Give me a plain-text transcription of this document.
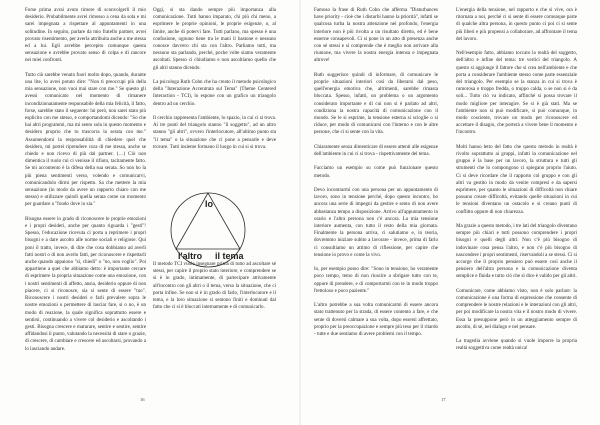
Forse prima avrai avuto timore di sconvolgerli il mio desiderio. Probabilmente avrei rimosso a cena da sola e mi sarei impegnata a rispettare al appuntamenti in una solitudine. In seguito, parlare da mio fratello partner, avrei provato risentimento, per averla attribuita anche a me stessa ed a lui. Egli avrebbe percepito comunque questa sensazione e avrebbe provato senso di colpa e di rancore nei miei confronti.

Tutto ciò sarebbe venuto fuori molto dopo, quando, durante una lite, lo avrei potuto dire: "Non ti preoccupi più della mia sensazione, non vuoi mai stare con me." Se questo gli avessi comunicato nel momento di rimanere incondizionatamente responsabile della mia felicità, il fatto, forse, sarebbe stato il seguente: lui però, non sarei stato più esplicito con me stesso, e comportandomi dicendo: "So che hai altri programmi, ma mi sento sola in questo momento e desidero proprio che tu trascorra la serata con me." Assumendomi la responsabilità di chiedere quel che desidero, mi potrei riprendere cura di me stessa, anche se chiedo e non ricevo di più dal partner. (…) Ciò non dimentica il ruolo cui ci venisse il rifiuto, tacitamente fatto. Se mi accontento è la difesa della sua serata. So non ho la più piena sentimenti verso, volendo e comunicarvi, comunicandolo dirmi per rispetto. Sa che mettere la mia sensazione (in modo da avere un rapporto chiaro con me stesso) e utilizzare quindi quella serata come un momento per guardare a "fondo dove io sia."

Bisogna essere in grado di riconoscere le proprie emozioni e i propri desideri, anche per quanto riguarda i "gesti"! Spesso, l'educazione ricevuta ci porta a reprimere i propri bisogni e a dare ascolto alle norme sociali e religiose. Qui poni il tratto, invece, di dire che cosa dobbiamo ad averli fatti nostri o di non averlo fatti, per riconoscere e rispettarli anche quando appaiono "si, chiedi" o "no, non voglio". Poi appartiene a quel che abbiamo detto: è importante cercare di esprimere la propria situazione come una emozione, con i nostri sentimenti di affetto, ansia, desiderio oppure di non piacere, ci si riconosce, sia si sente di essere "tuo". Riconoscere i nostri desideri e farli prevalere sopra le nostre emozioni o permettere di lasciar fare, si o no, è un modo di reazione, la quale significa soprattutto essere e sentirsi, continuando a vivere col desiderio e ascoltando i gesti. Bisogna crescere e maturare, sentire e sentire, sentire affidandosi il punto, valutando la necessità di stare o grazie, di crescere, di cambiare e crescere ed ascoltarsi, provando a lo lasciando andare.

Oggi, si sta dando sempre più importanza alla comunicazione. Tutti hanno imparato, chi più chi meno, a esprimere le proprie opinioni, le proprie esigenze, o, al limite, anche di potervi fare. Tutti parlano, ma spesso è una confusione, ognuno tiene tra le mani il bastone e nessuno conosce davvero chi sta con l'altro. Parliamo tutti, ma nessuno sta parlando, perché, poche volte siamo veramente ascoltati. Spesso ci chiudiamo e non ascoltiamo quello che gli altri stanno dicendo.

La psicologa Ruth Cohn che ha creato il metodo psicologico della "Interazione Accentrata sul Tema" (Theme Centered Interaction - TCI), lo espone con un grafico un triangolo dentro ad un cerchio.

Il cerchio rappresenta l'ambiente, lo spazio, in cui ci si trova. Ai tre punti del triangolo stanno "il soggetto", ad un altro stanno "gli altri", ovvero l'interlocutore, all'ultimo punto sta "il tema" o la situazione che ci pone a pensarle e deve trovare. Tutti insieme formano il luogo in cui si si trova.

Il metodo TCI vuole insegnare prima di tutto ad ascoltare sé stessi, per capire il proprio stato interiore, e comprendere se si è in grado, intimamente, di partecipare attivamente all'incontro con gli altri o il tema, verso la situazione, che ci porta infine. Se non si è in grado di farlo, l'interlocutore e il tema, e la loro situazione si sentono finiti e dominati dal fatto che ci si è bloccati internamente e di comunicarlo.

Io
l'altro il tema
16

Famoso la frase di Ruth Cohn che afferma "Disturbances have priority - cioè che i disturbi hanno la priorità", infatti se qualcosa turba la nostra attenzione nel profondo, l'energia interiore non è più rivolta a un risultato diretto, ed è bene esserne consapevoli. Ci si pone in un atto di presenza anche con sé stessi e si comprende che è meglio non arrivare alla riunione, ma vivere la nostra energia intensa e impegnata altrove!

Ruth suggerisce quindi di informare, di comunicare le proprie situazioni interiori così da liberarsi dal peso, quell'energia emotiva che, altrimenti, sarebbe rimasta bloccata. Spesso, infatti, un problema o un argomento considerato importante e di cui non si è parlato ad altri, condiziona la nostra capacità di comunicazione con il mondo. Se le si esprime, la tensione esterna si scioglie o si riduce, per modo di comunicarsi con l'interno e con le altre persone, che ci si sente con la vita.

Chiaramente senza dimenticare di essere attenti alle esigenze dell'ambiente in cui ci si trova - rispettivamente del tema.

Facciamo un esempio su come può funzionare questo metodo.

Devo incontrarmi con una persona per un appuntamento di lavoro, sono in tensione perché, dopo questo incontro, ho ancora una serie di impegni da gestire e sento di non avere abbastanza tempo a disposizione. Arrivo all'appuntamento in orario e l'altra persona non c'è ancora. La mia tensione interiore aumenta, con tutto il resto della mia giornata. Finalmente la persona arriva, ci salutiamo e, in teoria, dovremmo iniziare subito a lavorare - invece, prima di farlo ci consultiamo un attimo di riflessione, per capire che tensione io provo e come la vivo.

Io, per esempio posso dire: "Sono in tensione, ho veramente poco tempo, temo di non riuscire a sbrigare tutto con te, oppure di prendere, e di comportarmi con te in modo troppo frettoloso e poco paziente."

L'altro potrebbe a sua volta comunicarmi di essere ancora stato trattenuto per la strada, di essere contento a fare, e che sente di doversi calmare a sua volta, dopo essersi affrettato, proprio per la preoccupazione e sempre più teso per il ritardo - tutte e due sentiamo di avere problemi con il tempo.

L'energia della tensione, nel rapporto e che si vive, ora è ritornata a noi, perché ci si sente di essere comunque parte di qualche altra persona, in questo punto ci poi ci si sente più liberi e più propensi a collaborare, ad affrontare il tema del lavoro.

Nell'esempio fatto, abbiamo toccato la realtà del soggetto, dell'altro e infine del tema: tre vertici del triangolo. A questo si aggiunge il fattore che si crea nell'ambiente e che porta a considerare l'ambiente stesso come parte essenziale del triangolo. Per esempio se la stanza in cui si trova è rumorosa o troppo fredda, o troppo calda, o se non si è da soli... Tutto ciò va indicato, affinché si possa trovare il modo migliore per interagire. Se si è già stati. Ma se l'ambiente non si può modificare, si può comunque, in modo cosciente, trovare un modo per riconoscere ed accettare il disagio, che porterà a vivere bene il momento e l'incontro.

Molti hanno letto del fatto che questo metodo in realtà è rivolto soprattutto ai gruppi, infatti la comunicazione nel gruppo è la base per un lavoro, la struttura e tutti gli strumenti che lo compongono ci spiegano proprio l'aiuto. Ci si deve ricordare che il rapporto col gruppo e con gli altri va gestito in modo da venire compresi e da sapersi esprimere, per quanto le situazioni di difficoltà non chiare possano creare difficoltà, evitando quelle situazioni in cui le tensioni diventano un ostacolo e si creano punti di conflitto oppure di non chiarezza.

Ma grazie a questo metodo, i tre lati del triangolo diventano sempre più chiari e tutti possono comprendere i propri bisogni e quelli degli altri. Non c'è più bisogno di indovinare cosa pensa l'altro, e non c'è più bisogno di nascondere i propri sentimenti, riservandoli a se stessi. Ci si accorge che il proprio pensiero può essere così anche il pensiero dell'altra persona e la comunicazione diventa semplice e fluida e tutto ciò che si dice è valido per gli altri.

Comunicare, come abbiamo visto, non è solo parlare: la comunicazione è una forma di espressione che consente di comprendere le nostre relazioni e le interazioni con gli altri, per poi modificare la nostra vita e il nostro modo di vivere. Essa la presuppone però in un atteggiamento sempre di ascolto, di sè, nel dialogo e nel pensare.

La tragedia avviene quando si vuole imporre la propria realtà soggettiva come realtà unica!

17
